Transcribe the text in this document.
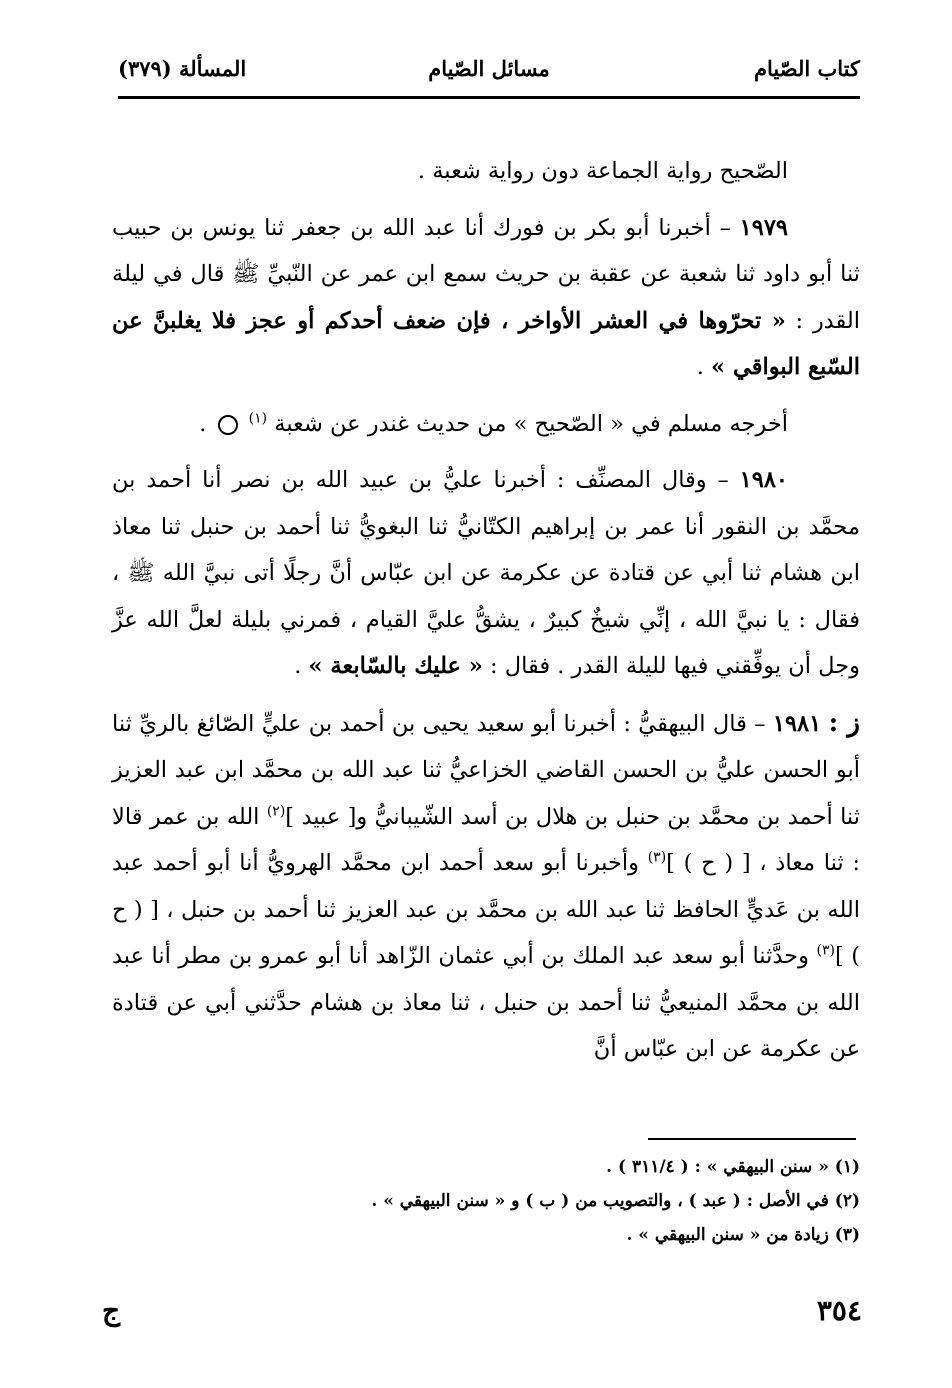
كتاب الصّيام
مسائل الصّيام
المسألة (٣٧٩)

الصّحيح رواية الجماعة دون رواية شعبة .

١٩٧٩ – أخبرنا أبو بكر بن فورك أنا عبد الله بن جعفر ثنا يونس بن حبيب ثنا أبو داود ثنا شعبة عن عقبة بن حريث سمع ابن عمر عن النّبيِّ ﷺ قال في ليلة القدر : « تحرّوها في العشر الأواخر ، فإن ضعف أحدكم أو عجز فلا يغلبنَّ عن السّبع البواقي » .

أخرجه مسلم في « الصّحيح » من حديث غندر عن شعبة $^{(١)}$  .

١٩٨٠ – وقال المصنِّف : أخبرنا عليُّ بن عبيد الله بن نصر أنا أحمد بن محمَّد بن النقور أنا عمر بن إبراهيم الكتّانيُّ ثنا البغويُّ ثنا أحمد بن حنبل ثنا معاذ ابن هشام ثنا أبي عن قتادة عن عكرمة عن ابن عبّاس أنَّ رجلًا أتى نبيَّ الله ﷺ ، فقال : يا نبيَّ الله ، إنِّي شيخٌ كبيرٌ ، يشقُّ عليَّ القيام ، فمرني بليلة لعلَّ الله عزَّ وجل أن يوفِّقني فيها لليلة القدر . فقال : « عليك بالسّابعة » .

ز : ١٩٨١ – قال البيهقيُّ : أخبرنا أبو سعيد يحيى بن أحمد بن عليٍّ الصّائغ بالريِّ ثنا أبو الحسن عليُّ بن الحسن القاضي الخزاعيُّ ثنا عبد الله بن محمَّد ابن عبد العزيز ثنا أحمد بن محمَّد بن حنبل بن هلال بن أسد الشّيبانيُّ و[ عبيد ]$^{(٢)}$ الله بن عمر قالا : ثنا معاذ ، [ ( ح ) ]$^{(٣)}$ وأخبرنا أبو سعد أحمد ابن محمَّد الهرويُّ أنا أبو أحمد عبد الله بن عَديٍّ الحافظ ثنا عبد الله بن محمَّد بن عبد العزيز ثنا أحمد بن حنبل ، [ ( ح ) ]$^{(٣)}$ وحدَّثنا أبو سعد عبد الملك بن أبي عثمان الزّاهد أنا أبو عمرو بن مطر أنا عبد الله بن محمَّد المنيعيُّ ثنا أحمد بن حنبل ، ثنا معاذ بن هشام حدَّثني أبي عن قتادة عن عكرمة عن ابن عبّاس أنَّ

(١) « سنن البيهقي » : ( ٣١١/٤ ) .
(٢) في الأصل : ( عبد ) ، والتصويب من ( ب ) و « سنن البيهقي » .
(٣) زيادة من « سنن البيهقي » .
٣٥٤
ج
